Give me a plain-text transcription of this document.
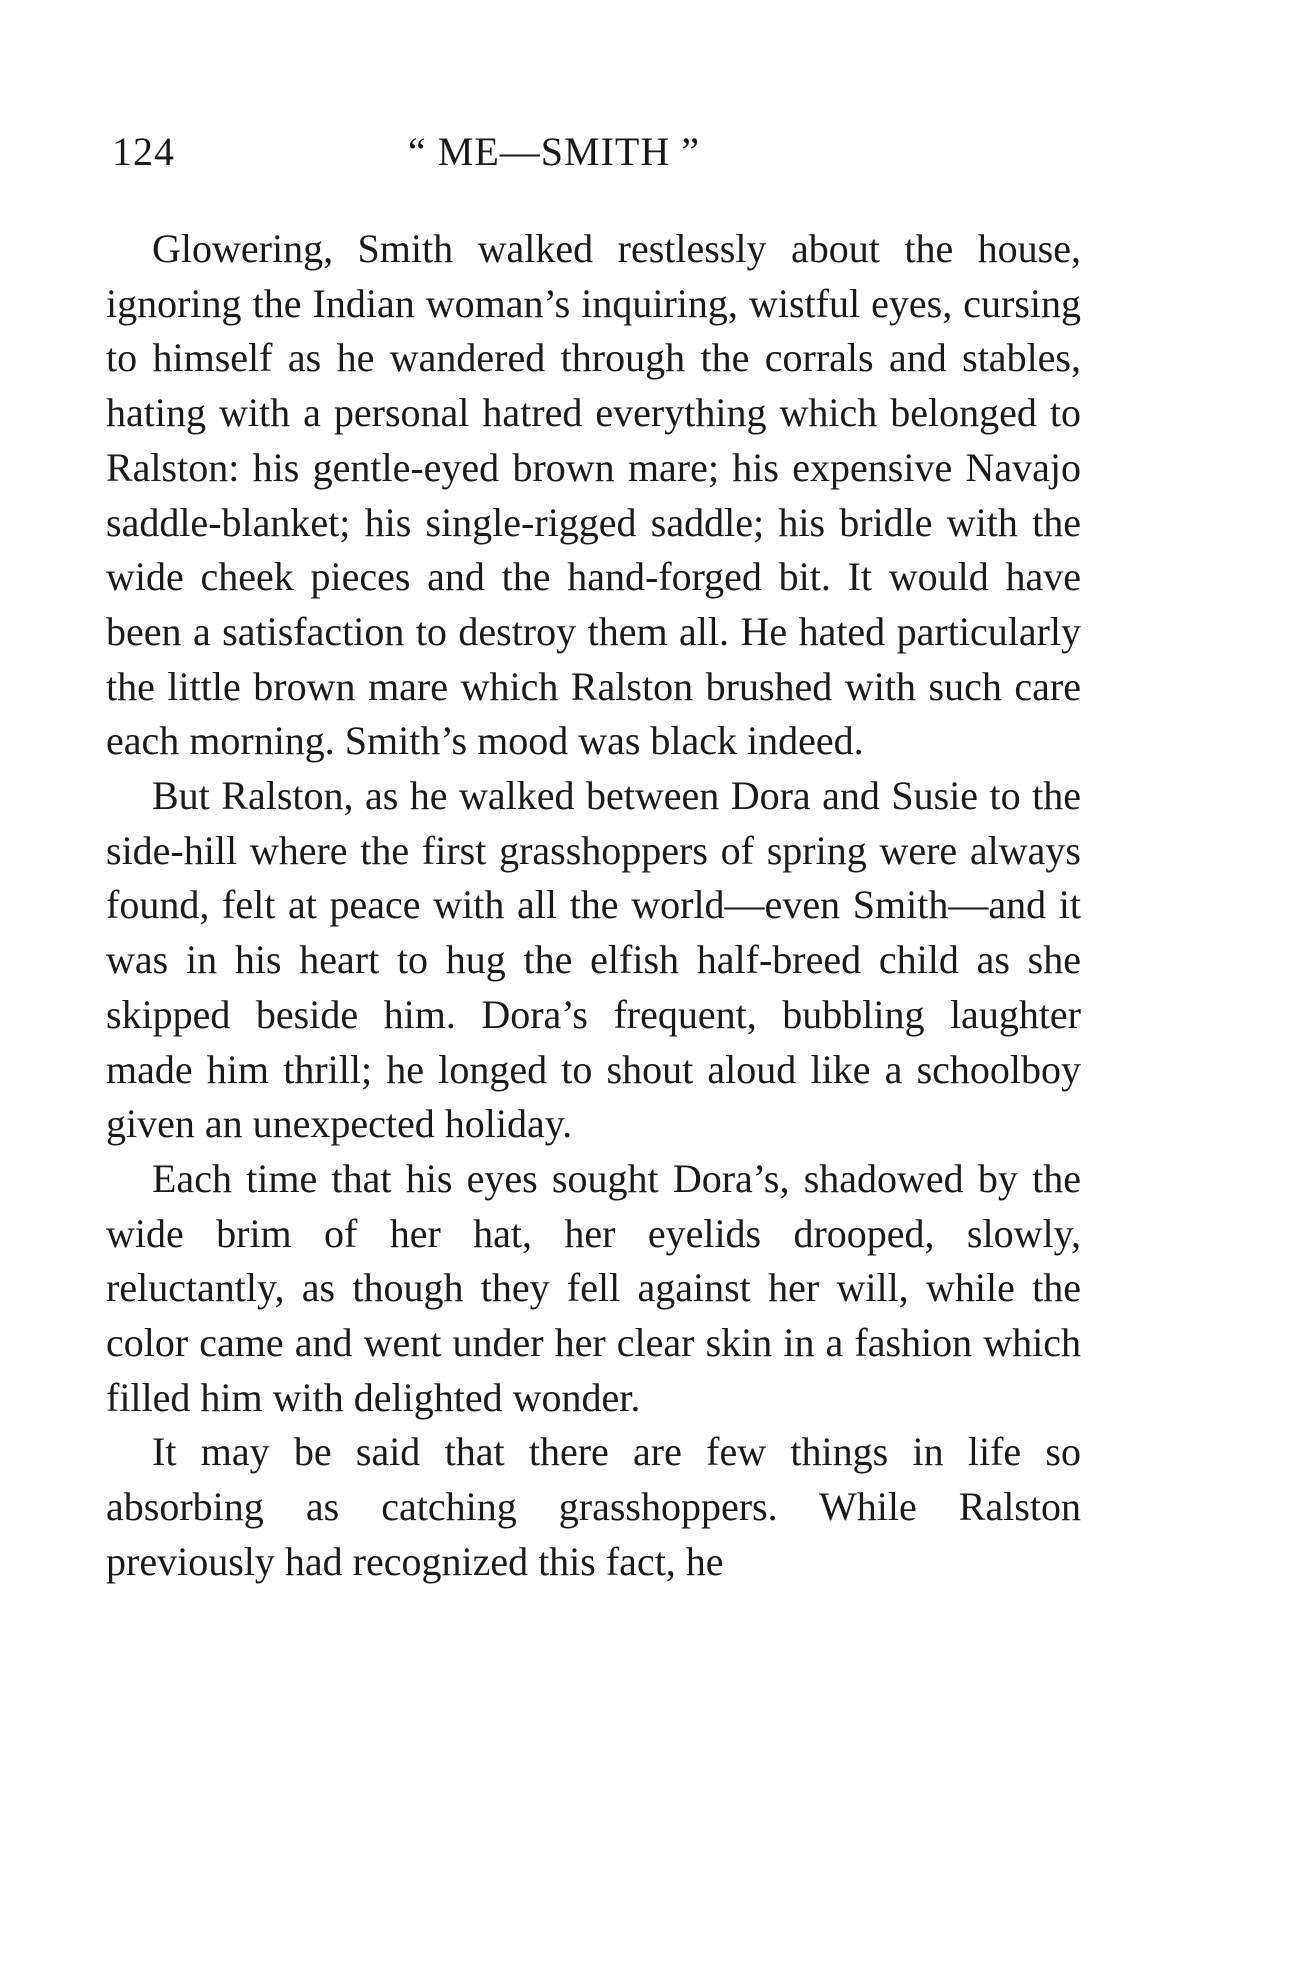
124	“ ME—SMITH ”

Glowering, Smith walked restlessly about the house, ignoring the Indian woman’s inquiring, wistful eyes, cursing to himself as he wandered through the corrals and stables, hating with a personal hatred everything which belonged to Ralston: his gentle-eyed brown mare; his expensive Navajo saddle-blanket; his single-rigged saddle; his bridle with the wide cheek pieces and the hand-forged bit. It would have been a satisfaction to destroy them all. He hated particularly the little brown mare which Ralston brushed with such care each morning. Smith’s mood was black indeed.

But Ralston, as he walked between Dora and Susie to the side-hill where the first grasshoppers of spring were always found, felt at peace with all the world—even Smith—and it was in his heart to hug the elfish half-breed child as she skipped beside him. Dora’s frequent, bubbling laughter made him thrill; he longed to shout aloud like a schoolboy given an unexpected holiday.

Each time that his eyes sought Dora’s, shadowed by the wide brim of her hat, her eyelids drooped, slowly, reluctantly, as though they fell against her will, while the color came and went under her clear skin in a fashion which filled him with delighted wonder.

It may be said that there are few things in life so absorbing as catching grasshoppers. While Ralston previously had recognized this fact, he
